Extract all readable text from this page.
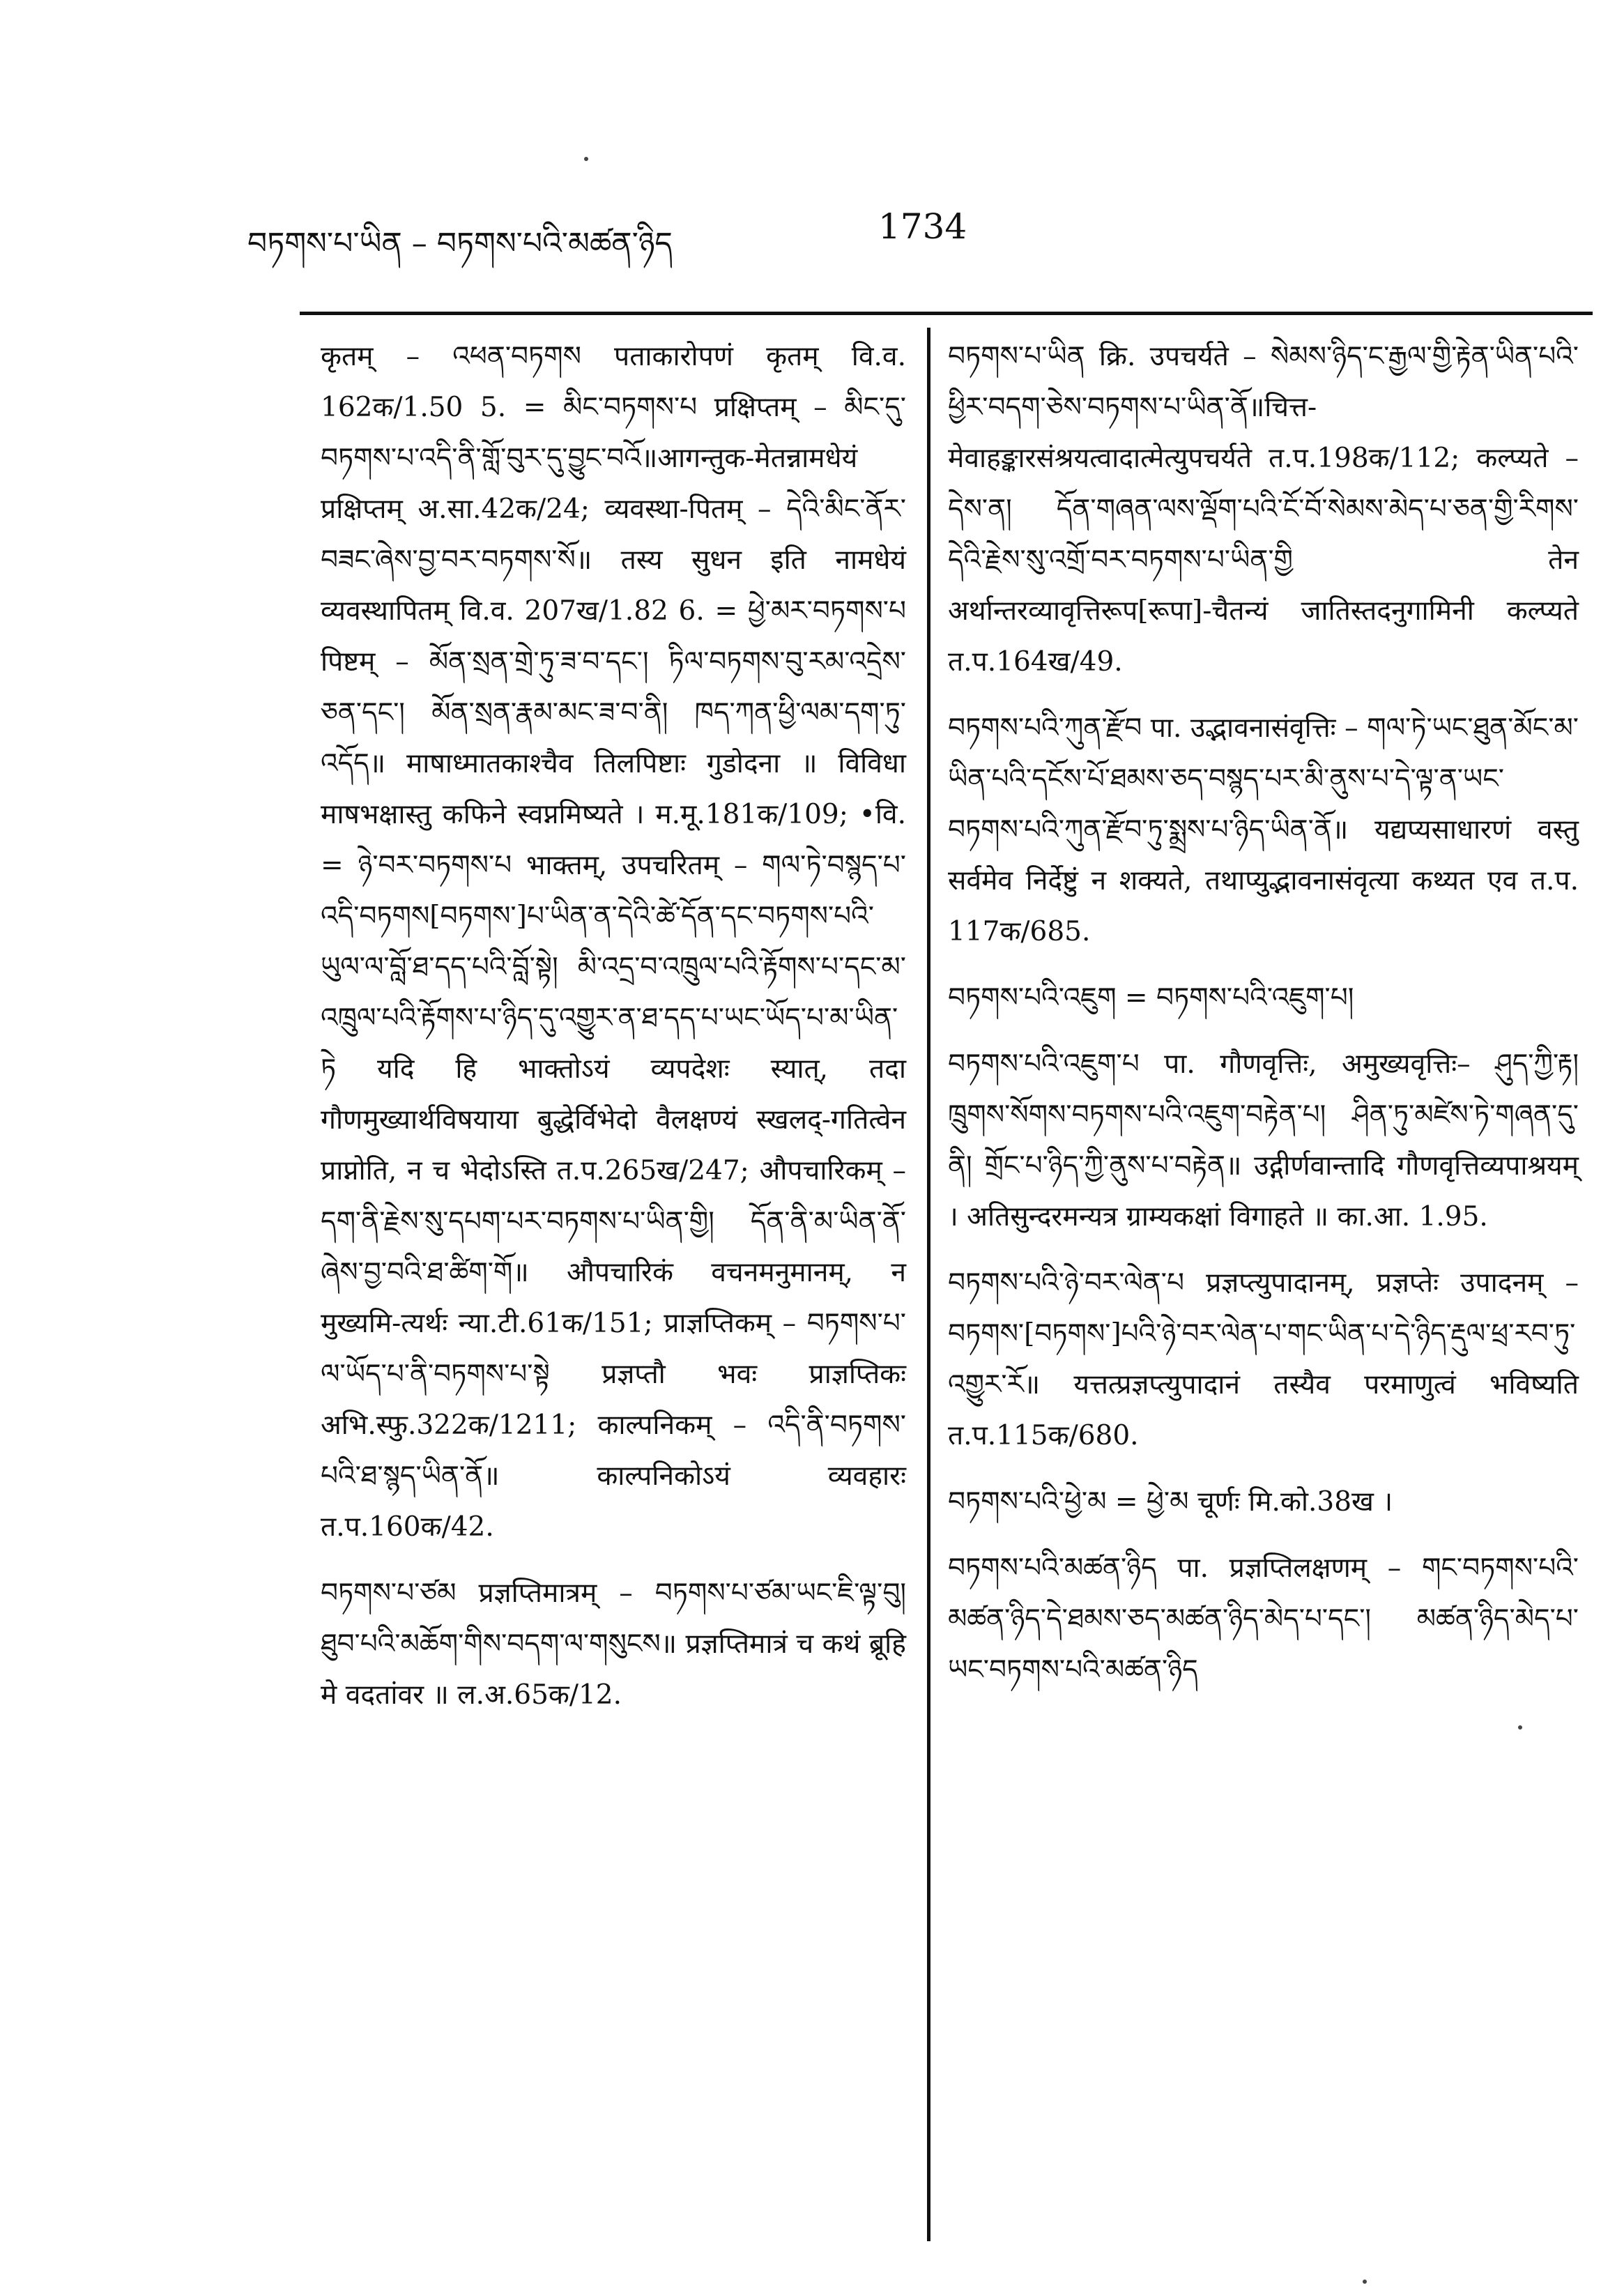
བཏགས་པ་ཡིན – བཏགས་པའི་མཚན་ཉིད	1734

कृतम् – འཕན་བཏགས पताकारोपणं कृतम् वि.व. 162क/1.50 5. = མིང་བཏགས་པ प्रक्षिप्तम् – མིང་དུ་བཏགས་པ་འདི་ནི་གློ་བུར་དུ་བྱུང་བའོ॥आगन्तुक-मेतन्नामधेयं प्रक्षिप्तम् अ.सा.42क/24; व्यवस्था-पितम् – དེའི་མིང་ནོར་བཟང་ཞེས་བྱ་བར་བཏགས་སོ॥ तस्य सुधन इति नामधेयं व्यवस्थापितम् वि.व. 207ख/1.82 6. = ཕྱེ་མར་བཏགས་པ पिष्टम् – མོན་སྲན་གྲེ་ཏུ་ཟ་བ་དང་། ཏིལ་བཏགས་བུ་རམ་འདྲེས་ཅན་དང་། མོན་སྲན་རྣམ་མང་ཟ་བ་ནི། ཁད་ཀན་ཕྱི་ལམ་དག་ཏུ་འདོད॥ माषाध्मातकाश्चैव तिलपिष्टाः गुडोदना ॥ विविधा माषभक्षास्तु कफिने स्वप्नमिष्यते । म.मू.181क/109; •वि. = ཉེ་བར་བཏགས་པ भाक्तम्, उपचरितम् – གལ་ཏེ་བསྙད་པ་འདི་བཏགས[བཏགས་]པ་ཡིན་ན་དེའི་ཚེ་དོན་དང་བཏགས་པའི་ཡུལ་ལ་བློ་ཐ་དད་པའི་བློ་སྟེ། མི་འདྲ་བ་འཁྲུལ་པའི་རྟོགས་པ་དང་མ་འཁྲུལ་པའི་རྟོགས་པ་ཉིད་དུ་འགྱུར་ན་ཐ་དད་པ་ཡང་ཡོད་པ་མ་ཡིན་ཏེ यदि हि भाक्तोऽयं व्यपदेशः स्यात्, तदा गौणमुख्यार्थविषयाया बुद्धेर्विभेदो वैलक्षण्यं स्खलद्-गतित्वेन प्राप्नोति, न च भेदोऽस्ति त.प.265ख/247; औपचारिकम् – དག་ནི་རྗེས་སུ་དཔག་པར་བཏགས་པ་ཡིན་གྱི། དོན་ནི་མ་ཡིན་ནོ་ཞེས་བྱ་བའི་ཐ་ཚིག་གོ॥ औपचारिकं वचनमनुमानम्, न मुख्यमि-त्यर्थः न्या.टी.61क/151; प्राज्ञप्तिकम् – བཏགས་པ་ལ་ཡོད་པ་ནི་བཏགས་པ་སྟེ प्रज्ञप्तौ भवः प्राज्ञप्तिकः अभि.स्फु.322क/1211; काल्पनिकम् – འདི་ནི་བཏགས་པའི་ཐ་སྙད་ཡིན་ནོ॥ काल्पनिकोऽयं व्यवहारः त.प.160क/42.

བཏགས་པ་ཙམ प्रज्ञप्तिमात्रम् – བཏགས་པ་ཙམ་ཡང་ཇི་ལྟ་བུ། ཐུབ་པའི་མཆོག་གིས་བདག་ལ་གསུངས॥ प्रज्ञप्तिमात्रं च कथं ब्रूहि मे वदतांवर ॥ ल.अ.65क/12.

བཏགས་པ་ཡིན क्रि. उपचर्यते – སེམས་ཉིད་ང་རྒྱལ་གྱི་རྟེན་ཡིན་པའི་ཕྱིར་བདག་ཅེས་བཏགས་པ་ཡིན་ནོ॥चित्त-मेवाहङ्कारसंश्रयत्वादात्मेत्युपचर्यते त.प.198क/112; कल्प्यते – དེས་ན། དོན་གཞན་ལས་ལྡོག་པའི་ངོ་བོ་སེམས་མེད་པ་ཅན་གྱི་རིགས་དེའི་རྗེས་སུ་འགྲོ་བར་བཏགས་པ་ཡིན་གྱི तेन अर्थान्तरव्यावृत्तिरूप[रूपा]-चैतन्यं जातिस्तदनुगामिनी कल्प्यते त.प.164ख/49.

བཏགས་པའི་ཀུན་རྫོབ पा. उद्भावनासंवृत्तिः – གལ་ཏེ་ཡང་ཐུན་མོང་མ་ཡིན་པའི་དངོས་པོ་ཐམས་ཅད་བསྙད་པར་མི་ནུས་པ་དེ་ལྟ་ན་ཡང་བཏགས་པའི་ཀུན་རྫོབ་ཏུ་སྨྲས་པ་ཉིད་ཡིན་ནོ॥ यद्यप्यसाधारणं वस्तु सर्वमेव निर्देष्टुं न शक्यते, तथाप्युद्भावनासंवृत्या कथ्यत एव त.प. 117क/685.

བཏགས་པའི་འཇུག = བཏགས་པའི་འཇུག་པ།

བཏགས་པའི་འཇུག་པ पा. गौणवृत्तिः, अमुख्यवृत्तिः– ཤུད་ཀྱི་རྟ། ཁྲུགས་སོགས་བཏགས་པའི་འཇུག་བརྟེན་པ། ཤིན་ཏུ་མཛེས་ཏེ་གཞན་དུ་ནི། གྲོང་པ་ཉིད་ཀྱི་ནུས་པ་བརྟེན॥ उद्गीर्णवान्तादि गौणवृत्तिव्यपाश्रयम् । अतिसुन्दरमन्यत्र ग्राम्यकक्षां विगाहते ॥ का.आ. 1.95.

བཏགས་པའི་ཉེ་བར་ལེན་པ प्रज्ञप्त्युपादानम्, प्रज्ञप्तेः उपादनम् – བཏགས་[བཏགས་]པའི་ཉེ་བར་ལེན་པ་གང་ཡིན་པ་དེ་ཉིད་རྡུལ་ཕྲ་རབ་ཏུ་འགྱུར་རོ॥ यत्तत्प्रज्ञप्त्युपादानं तस्यैव परमाणुत्वं भविष्यति त.प.115क/680.

བཏགས་པའི་ཕྱེ་མ = ཕྱེ་མ चूर्णः मि.को.38ख ।

བཏགས་པའི་མཚན་ཉིད पा. प्रज्ञप्तिलक्षणम् – གང་བཏགས་པའི་མཚན་ཉིད་དེ་ཐམས་ཅད་མཚན་ཉིད་མེད་པ་དང་། མཚན་ཉིད་མེད་པ་ཡང་བཏགས་པའི་མཚན་ཉིད
